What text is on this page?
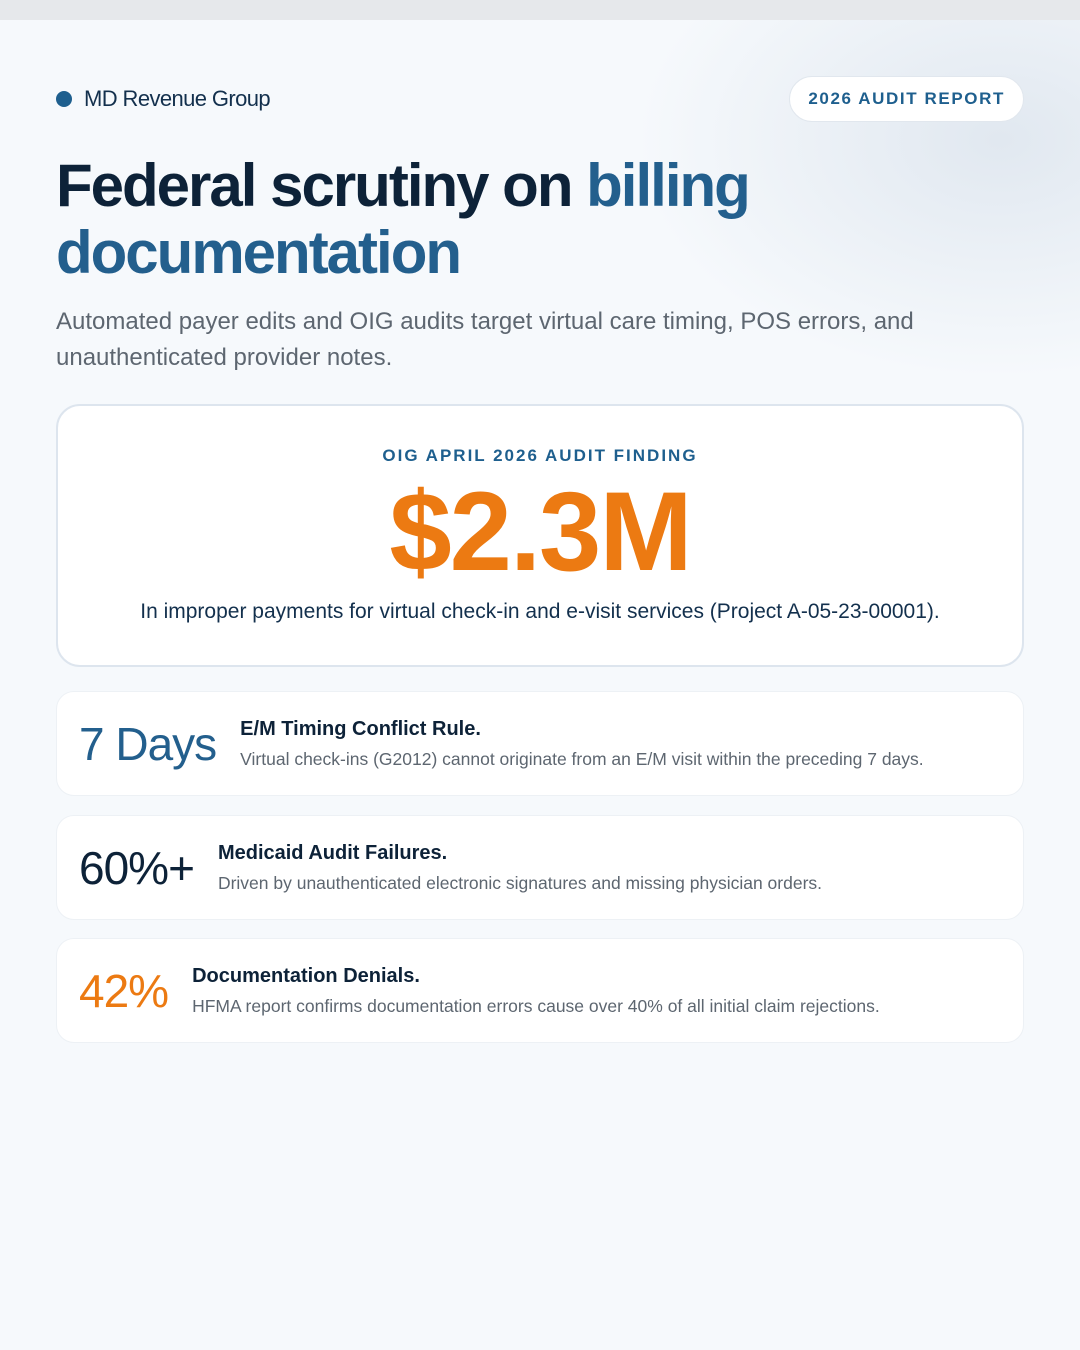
MD Revenue Group	2026 AUDIT REPORT
Federal scrutiny on billing documentation

Automated payer edits and OIG audits target virtual care timing, POS errors, and unauthenticated provider notes.

OIG APRIL 2026 AUDIT FINDING
$2.3M
In improper payments for virtual check-in and e-visit services (Project A-05-23-00001).
7 Days E/M Timing Conflict Rule.
Virtual check-ins (G2012) cannot originate from an E/M visit within the preceding 7 days.
60%+ Medicaid Audit Failures.
Driven by unauthenticated electronic signatures and missing physician orders.
42% Documentation Denials.
HFMA report confirms documentation errors cause over 40% of all initial claim rejections.
